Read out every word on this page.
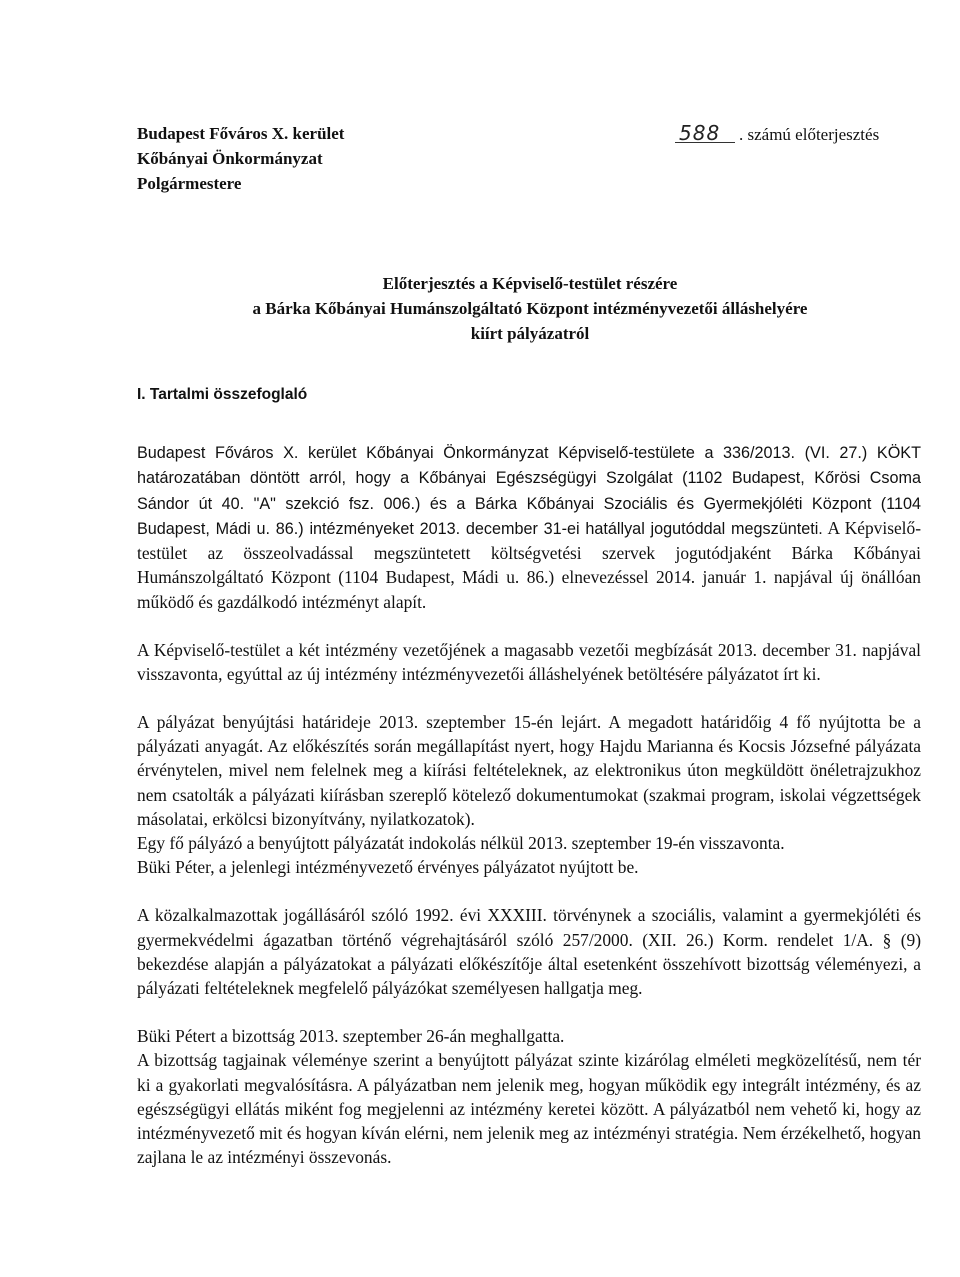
Budapest Főváros X. kerület
Kőbányai Önkormányzat
Polgármestere
588 . számú előterjesztés
Előterjesztés a Képviselő-testület részére
a Bárka Kőbányai Humánszolgáltató Központ intézményvezetői álláshelyére
kiírt pályázatról
I. Tartalmi összefoglaló

Budapest Főváros X. kerület Kőbányai Önkormányzat Képviselő-testülete a 336/2013. (VI. 27.) KÖKT határozatában döntött arról, hogy a Kőbányai Egészségügyi Szolgálat (1102 Budapest, Kőrösi Csoma Sándor út 40. "A" szekció fsz. 006.) és a Bárka Kőbányai Szociális és Gyermekjóléti Központ (1104 Budapest, Mádi u. 86.) intézményeket 2013. december 31-ei hatállyal jogutóddal megszünteti. A Képviselő-testület az összeolvadással megszüntetett költségvetési szervek jogutódjaként Bárka Kőbányai Humánszolgáltató Központ (1104 Budapest, Mádi u. 86.) elnevezéssel 2014. január 1. napjával új önállóan működő és gazdálkodó intézményt alapít.

A Képviselő-testület a két intézmény vezetőjének a magasabb vezetői megbízását 2013. december 31. napjával visszavonta, egyúttal az új intézmény intézményvezetői álláshelyének betöltésére pályázatot írt ki.

A pályázat benyújtási határideje 2013. szeptember 15-én lejárt. A megadott határidőig 4 fő nyújtotta be a pályázati anyagát. Az előkészítés során megállapítást nyert, hogy Hajdu Marianna és Kocsis Józsefné pályázata érvénytelen, mivel nem felelnek meg a kiírási feltételeknek, az elektronikus úton megküldött önéletrajzukhoz nem csatolták a pályázati kiírásban szereplő kötelező dokumentumokat (szakmai program, iskolai végzettségek másolatai, erkölcsi bizonyítvány, nyilatkozatok).

Egy fő pályázó a benyújtott pályázatát indokolás nélkül 2013. szeptember 19-én visszavonta.

Büki Péter, a jelenlegi intézményvezető érvényes pályázatot nyújtott be.

A közalkalmazottak jogállásáról szóló 1992. évi XXXIII. törvénynek a szociális, valamint a gyermekjóléti és gyermekvédelmi ágazatban történő végrehajtásáról szóló 257/2000. (XII. 26.) Korm. rendelet 1/A. § (9) bekezdése alapján a pályázatokat a pályázati előkészítője által esetenként összehívott bizottság véleményezi, a pályázati feltételeknek megfelelő pályázókat személyesen hallgatja meg.

Büki Pétert a bizottság 2013. szeptember 26-án meghallgatta.

A bizottság tagjainak véleménye szerint a benyújtott pályázat szinte kizárólag elméleti megközelítésű, nem tér ki a gyakorlati megvalósításra. A pályázatban nem jelenik meg, hogyan működik egy integrált intézmény, és az egészségügyi ellátás miként fog megjelenni az intézmény keretei között. A pályázatból nem vehető ki, hogy az intézményvezető mit és hogyan kíván elérni, nem jelenik meg az intézményi stratégia. Nem érzékelhető, hogyan zajlana le az intézményi összevonás.
